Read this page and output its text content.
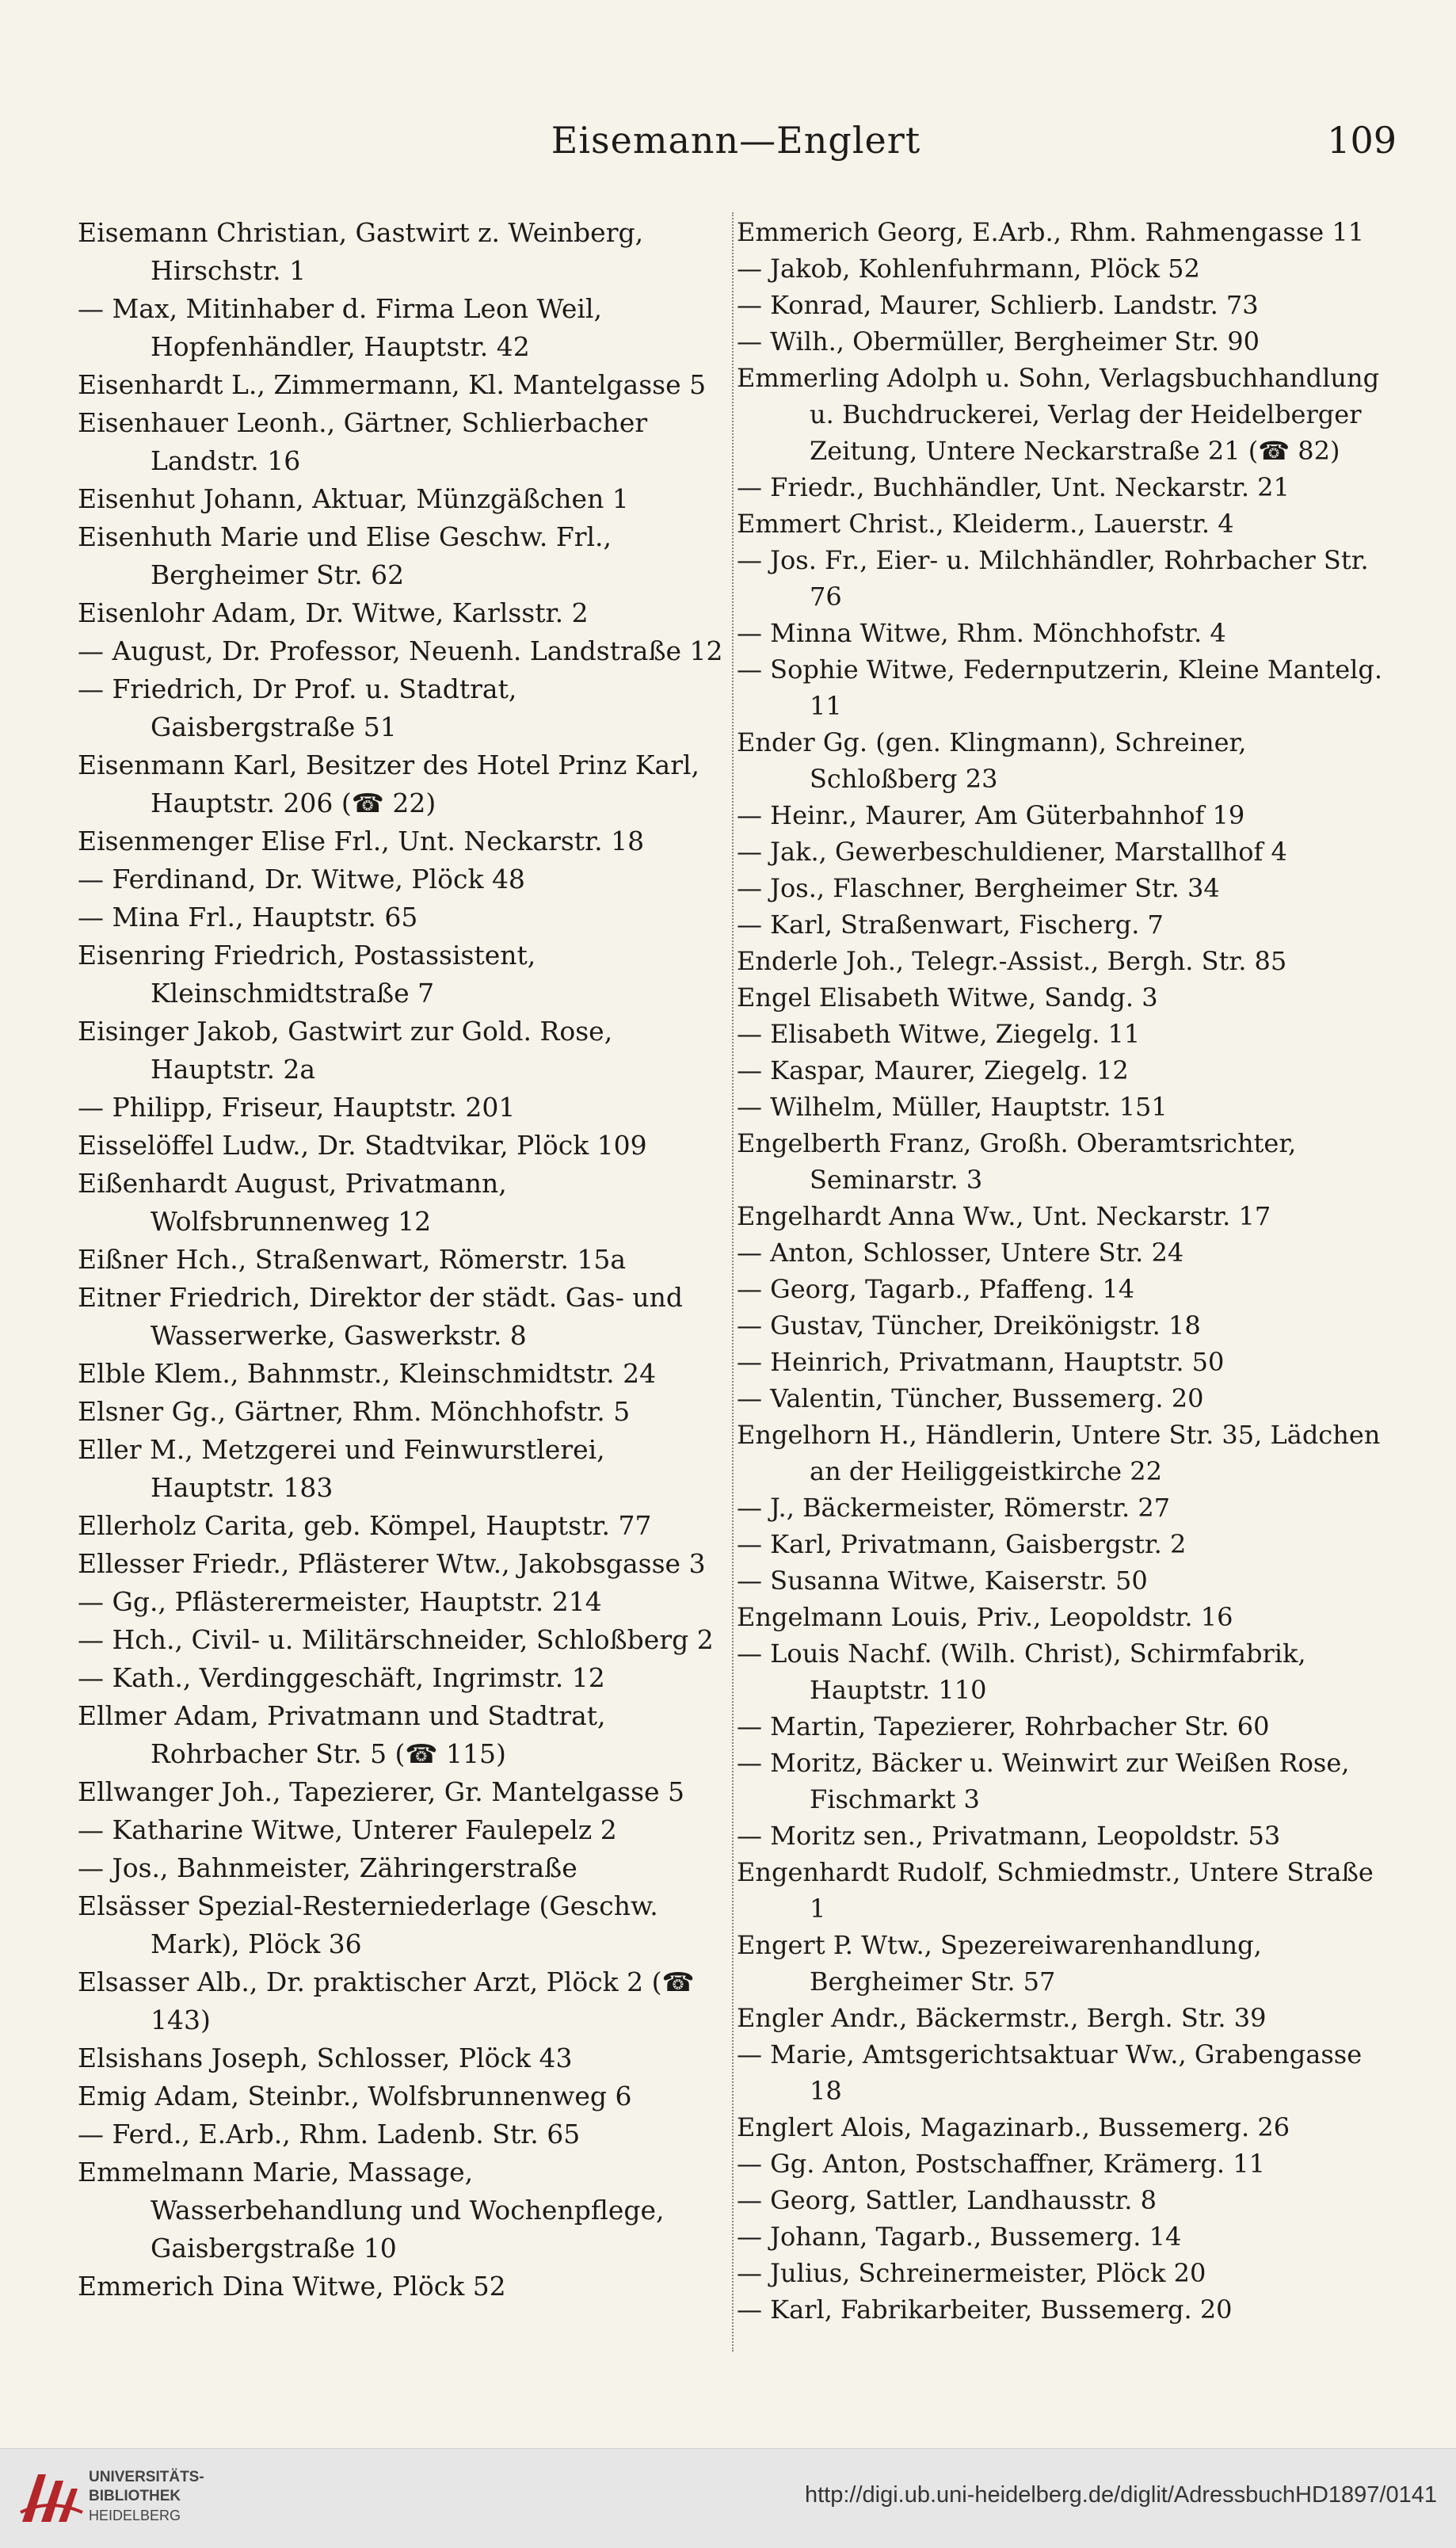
Eisemann—Englert	109
Eisemann Christian, Gastwirt z. Weinberg, Hirschstr. 1
— Max, Mitinhaber d. Firma Leon Weil, Hopfenhändler, Hauptstr. 42
Eisenhardt L., Zimmermann, Kl. Mantelgasse 5
Eisenhauer Leonh., Gärtner, Schlierbacher Landstr. 16
Eisenhut Johann, Aktuar, Münzgäßchen 1
Eisenhuth Marie und Elise Geschw. Frl., Bergheimer Str. 62
Eisenlohr Adam, Dr. Witwe, Karlsstr. 2
— August, Dr. Professor, Neuenh. Landstraße 12
— Friedrich, Dr Prof. u. Stadtrat, Gaisbergstraße 51
Eisenmann Karl, Besitzer des Hotel Prinz Karl, Hauptstr. 206 (☎ 22)
Eisenmenger Elise Frl., Unt. Neckarstr. 18
— Ferdinand, Dr. Witwe, Plöck 48
— Mina Frl., Hauptstr. 65
Eisenring Friedrich, Postassistent, Kleinschmidtstraße 7
Eisinger Jakob, Gastwirt zur Gold. Rose, Hauptstr. 2a
— Philipp, Friseur, Hauptstr. 201
Eisselöffel Ludw., Dr. Stadtvikar, Plöck 109
Eißenhardt August, Privatmann, Wolfsbrunnenweg 12
Eißner Hch., Straßenwart, Römerstr. 15a
Eitner Friedrich, Direktor der städt. Gas- und Wasserwerke, Gaswerkstr. 8
Elble Klem., Bahnmstr., Kleinschmidtstr. 24
Elsner Gg., Gärtner, Rhm. Mönchhofstr. 5
Eller M., Metzgerei und Feinwurstlerei, Hauptstr. 183
Ellerholz Carita, geb. Kömpel, Hauptstr. 77
Ellesser Friedr., Pflästerer Wtw., Jakobsgasse 3
— Gg., Pflästerermeister, Hauptstr. 214
— Hch., Civil- u. Militärschneider, Schloßberg 2
— Kath., Verdinggeschäft, Ingrimstr. 12
Ellmer Adam, Privatmann und Stadtrat, Rohrbacher Str. 5 (☎ 115)
Ellwanger Joh., Tapezierer, Gr. Mantelgasse 5
— Katharine Witwe, Unterer Faulepelz 2
— Jos., Bahnmeister, Zähringerstraße
Elsässer Spezial-Resterniederlage (Geschw. Mark), Plöck 36
Elsasser Alb., Dr. praktischer Arzt, Plöck 2 (☎ 143)
Elsishans Joseph, Schlosser, Plöck 43
Emig Adam, Steinbr., Wolfsbrunnenweg 6
— Ferd., E.Arb., Rhm. Ladenb. Str. 65
Emmelmann Marie, Massage, Wasserbehandlung und Wochenpflege, Gaisbergstraße 10
Emmerich Dina Witwe, Plöck 52
Emmerich Georg, E.Arb., Rhm. Rahmengasse 11
— Jakob, Kohlenfuhrmann, Plöck 52
— Konrad, Maurer, Schlierb. Landstr. 73
— Wilh., Obermüller, Bergheimer Str. 90
Emmerling Adolph u. Sohn, Verlagsbuchhandlung u. Buchdruckerei, Verlag der Heidelberger Zeitung, Untere Neckarstraße 21 (☎ 82)
— Friedr., Buchhändler, Unt. Neckarstr. 21
Emmert Christ., Kleiderm., Lauerstr. 4
— Jos. Fr., Eier- u. Milchhändler, Rohrbacher Str. 76
— Minna Witwe, Rhm. Mönchhofstr. 4
— Sophie Witwe, Federnputzerin, Kleine Mantelg. 11
Ender Gg. (gen. Klingmann), Schreiner, Schloßberg 23
— Heinr., Maurer, Am Güterbahnhof 19
— Jak., Gewerbeschuldiener, Marstallhof 4
— Jos., Flaschner, Bergheimer Str. 34
— Karl, Straßenwart, Fischerg. 7
Enderle Joh., Telegr.-Assist., Bergh. Str. 85
Engel Elisabeth Witwe, Sandg. 3
— Elisabeth Witwe, Ziegelg. 11
— Kaspar, Maurer, Ziegelg. 12
— Wilhelm, Müller, Hauptstr. 151
Engelberth Franz, Großh. Oberamtsrichter, Seminarstr. 3
Engelhardt Anna Ww., Unt. Neckarstr. 17
— Anton, Schlosser, Untere Str. 24
— Georg, Tagarb., Pfaffeng. 14
— Gustav, Tüncher, Dreikönigstr. 18
— Heinrich, Privatmann, Hauptstr. 50
— Valentin, Tüncher, Bussemerg. 20
Engelhorn H., Händlerin, Untere Str. 35, Lädchen an der Heiliggeistkirche 22
— J., Bäckermeister, Römerstr. 27
— Karl, Privatmann, Gaisbergstr. 2
— Susanna Witwe, Kaiserstr. 50
Engelmann Louis, Priv., Leopoldstr. 16
— Louis Nachf. (Wilh. Christ), Schirmfabrik, Hauptstr. 110
— Martin, Tapezierer, Rohrbacher Str. 60
— Moritz, Bäcker u. Weinwirt zur Weißen Rose, Fischmarkt 3
— Moritz sen., Privatmann, Leopoldstr. 53
Engenhardt Rudolf, Schmiedmstr., Untere Straße 1
Engert P. Wtw., Spezereiwarenhandlung, Bergheimer Str. 57
Engler Andr., Bäckermstr., Bergh. Str. 39
— Marie, Amtsgerichtsaktuar Ww., Grabengasse 18
Englert Alois, Magazinarb., Bussemerg. 26
— Gg. Anton, Postschaffner, Krämerg. 11
— Georg, Sattler, Landhausstr. 8
— Johann, Tagarb., Bussemerg. 14
— Julius, Schreinermeister, Plöck 20
— Karl, Fabrikarbeiter, Bussemerg. 20
UNIVERSITÄTS-
BIBLIOTHEK
HEIDELBERG
http://digi.ub.uni-heidelberg.de/diglit/AdressbuchHD1897/0141
